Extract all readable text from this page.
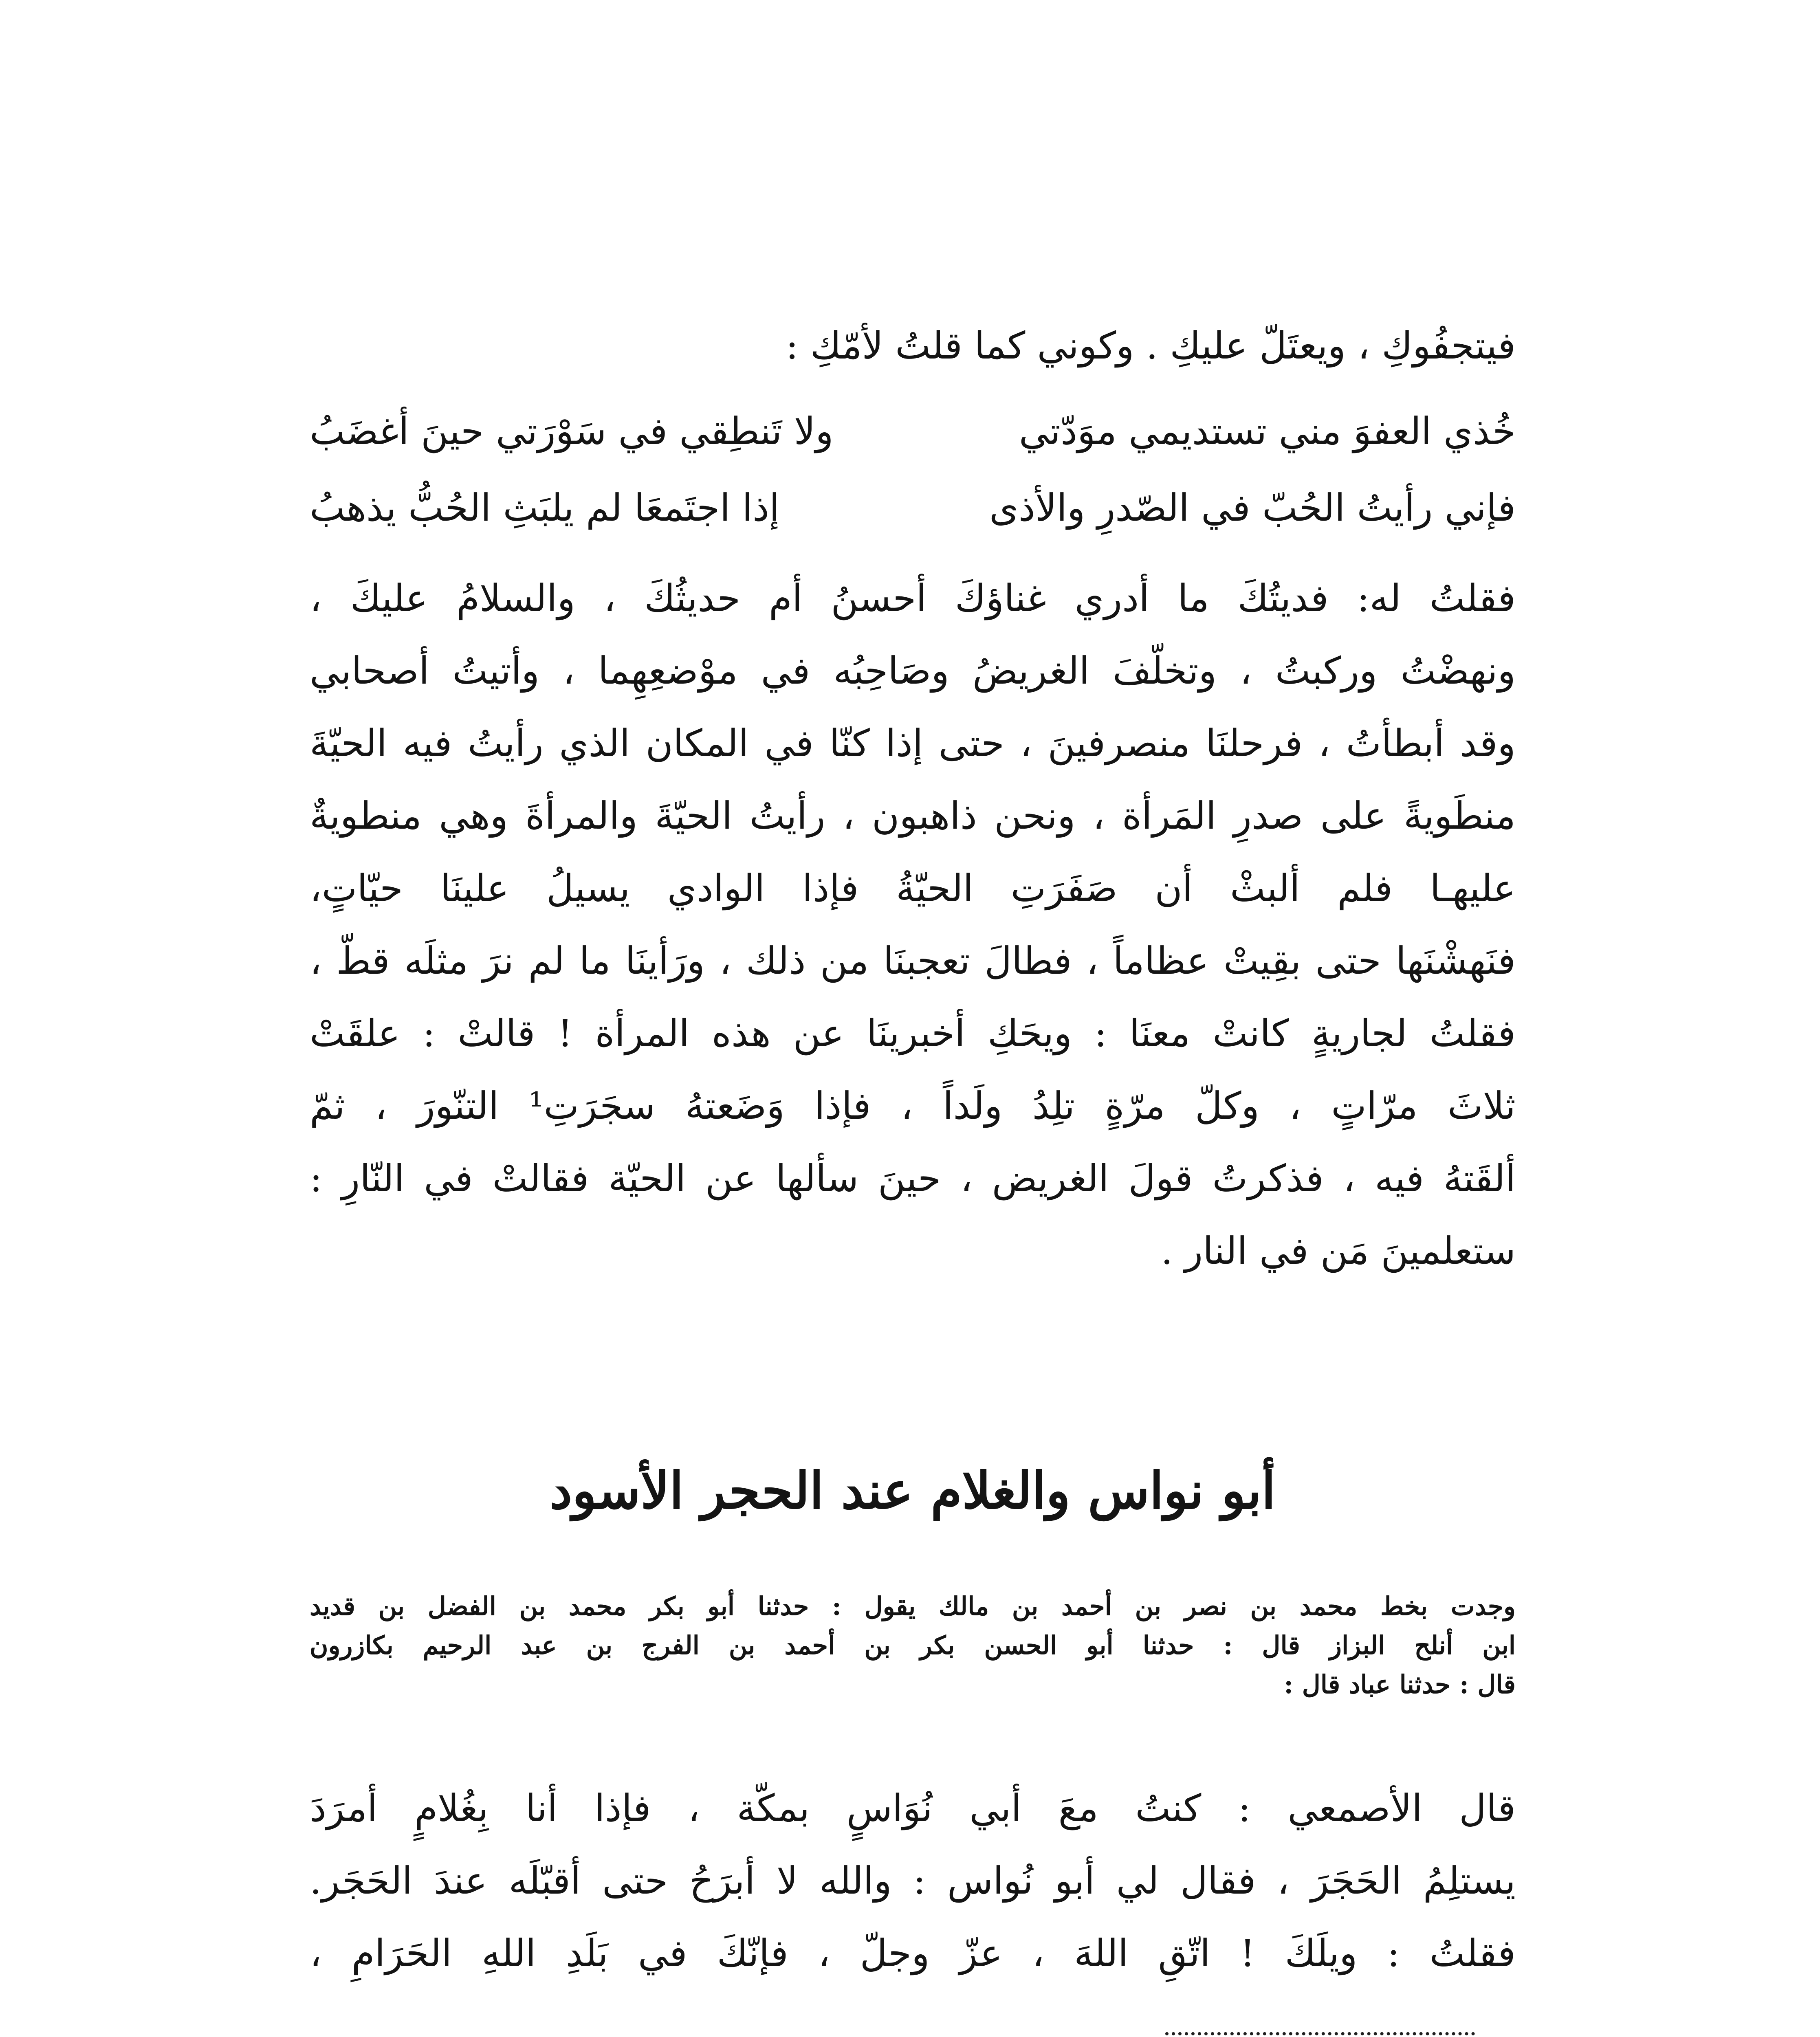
فيتجفُوكِ ، ويعتَلّ عليكِ . وكوني كما قلتُ لأمّكِ :
خُذي العفوَ مني تستديمي موَدّتي
ولا تَنطِقي في سَوْرَتي حينَ أغضَبُ
فإني رأيتُ الحُبّ في الصّدرِ والأذى
إذا اجتَمعَا لم يلبَثِ الحُبُّ يذهبُ
فقلتُ له: فديتُكَ ما أدري غناؤكَ أحسنُ أم حديثُكَ ، والسلامُ عليكَ ،
ونهضْتُ وركبتُ ، وتخلّفَ الغريضُ وصَاحِبُه في موْضعِهِما ، وأتيتُ أصحابي
وقد أبطأتُ ، فرحلنَا منصرفينَ ، حتى إذا كنّا في المكان الذي رأيتُ فيه الحيّةَ
منطَويةً على صدرِ المَرأة ، ونحن ذاهبون ، رأيتُ الحيّةَ والمرأةَ وهي منطويةٌ
عليهـا فلم ألبثْ أن صَفَرَتِ الحيّةُ فإذا الوادي يسيلُ علينَا حيّاتٍ،
فنَهشْنَها حتى بقِيتْ عظاماً ، فطالَ تعجبنَا من ذلك ، ورَأينَا ما لم نرَ مثلَه قطّ ،
فقلتُ لجاريةٍ كانتْ معنَا : ويحَكِ أخبرينَا عن هذه المرأة ! قالتْ : علقَتْ
ثلاثَ مرّاتٍ ، وكلّ مرّةٍ تلِدُ ولَداً ، فإذا وَضَعتهُ سجَرَتِ¹ التنّورَ ، ثمّ
ألقَتهُ فيه ، فذكرتُ قولَ الغريض ، حينَ سألها عن الحيّة فقالتْ في النّارِ :
ستعلمينَ مَن في النار .
أبو نواس والغلام عند الحجر الأسود
وجدت بخط محمد بن نصر بن أحمد بن مالك يقول : حدثنا أبو بكر محمد بن الفضل بن قديد
ابن أنلح البزاز قال : حدثنا أبو الحسن بكر بن أحمد بن الفرج بن عبد الرحيم بكازرون
قال : حدثنا عباد قال :
قال الأصمعي : كنتُ معَ أبي نُوَاسٍ بمكّة ، فإذا أنا بِغُلامٍ أمرَدَ
يستلِمُ الحَجَرَ ، فقال لي أبو نُواس : والله لا أبرَحُ حتى أقبّلَه عندَ الحَجَر.
فقلتُ : ويلَكَ ! اتّقِ اللهَ ، عزّ وجلّ ، فإنّكَ في بَلَدِ اللهِ الحَرَامِ ،
